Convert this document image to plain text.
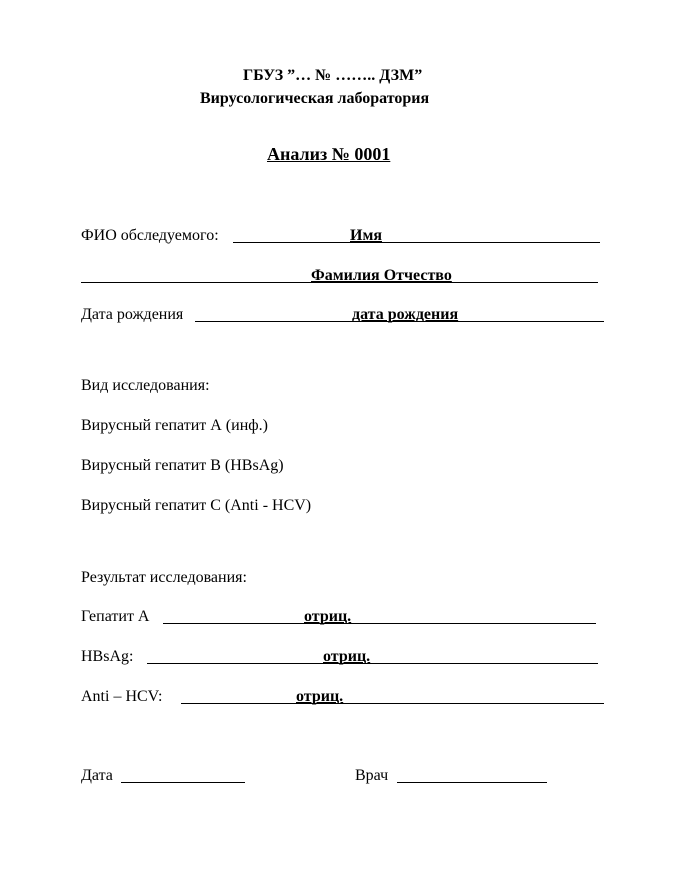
ГБУЗ ”… № …….. ДЗМ”
Вирусологическая лаборатория
Анализ № 0001
ФИО обследуемого:	Имя
Фамилия Отчество
Дата рождения	дата рождения
Вид исследования:
Вирусный гепатит А (инф.)
Вирусный гепатит В (HBsAg)
Вирусный гепатит С (Anti - HCV)
Результат исследования:
Гепатит А	отриц.
HBsAg:	отриц.
Anti – HCV:	отриц.
Дата	Врач
